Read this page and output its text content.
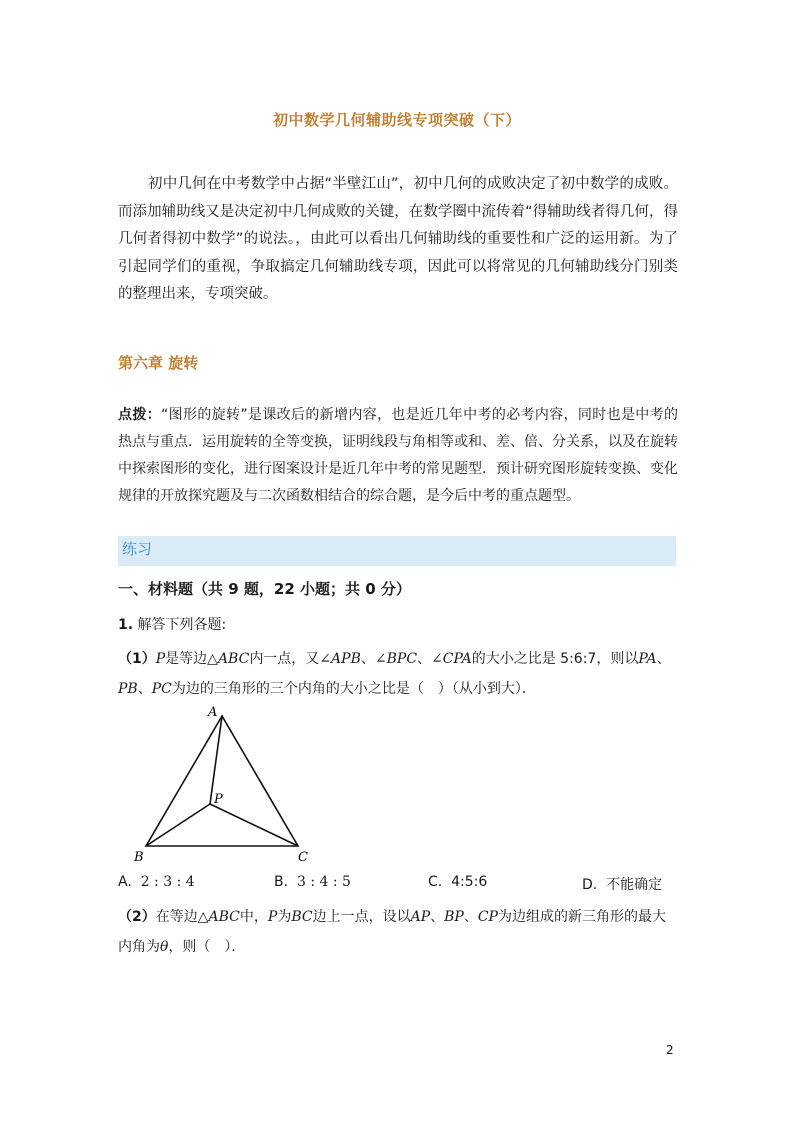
初中数学几何辅助线专项突破（下）
初中几何在中考数学中占据“半壁江山”，初中几何的成败决定了初中数学的成败。而添加辅助线又是决定初中几何成败的关键，在数学圈中流传着“得辅助线者得几何，得几何者得初中数学”的说法。，由此可以看出几何辅助线的重要性和广泛的运用新。为了引起同学们的重视，争取搞定几何辅助线专项，因此可以将常见的几何辅助线分门别类的整理出来，专项突破。
第六章 旋转
点拨：“图形的旋转”是课改后的新增内容，也是近几年中考的必考内容，同时也是中考的热点与重点．运用旋转的全等变换，证明线段与角相等或和、差、倍、分关系，以及在旋转中探索图形的变化，进行图案设计是近几年中考的常见题型．预计研究图形旋转变换、变化规律的开放探究题及与二次函数相结合的综合题，是今后中考的重点题型。
练习
一、材料题（共 9 题，22 小题；共 0 分）
1. 解答下列各题:
（1）P是等边△ABC内一点，又∠APB、∠BPC、∠CPA的大小之比是 5:6:7，则以PA、PB、PC为边的三角形的三个内角的大小之比是（　）（从小到大）．
A
B	C
P
A. 2 : 3 : 4	B. 3 : 4 : 5	C. 4:5:6	D. 不能确定
（2）在等边△ABC中，P为BC边上一点，设以AP、BP、CP为边组成的新三角形的最大内角为θ，则（　）．
2
